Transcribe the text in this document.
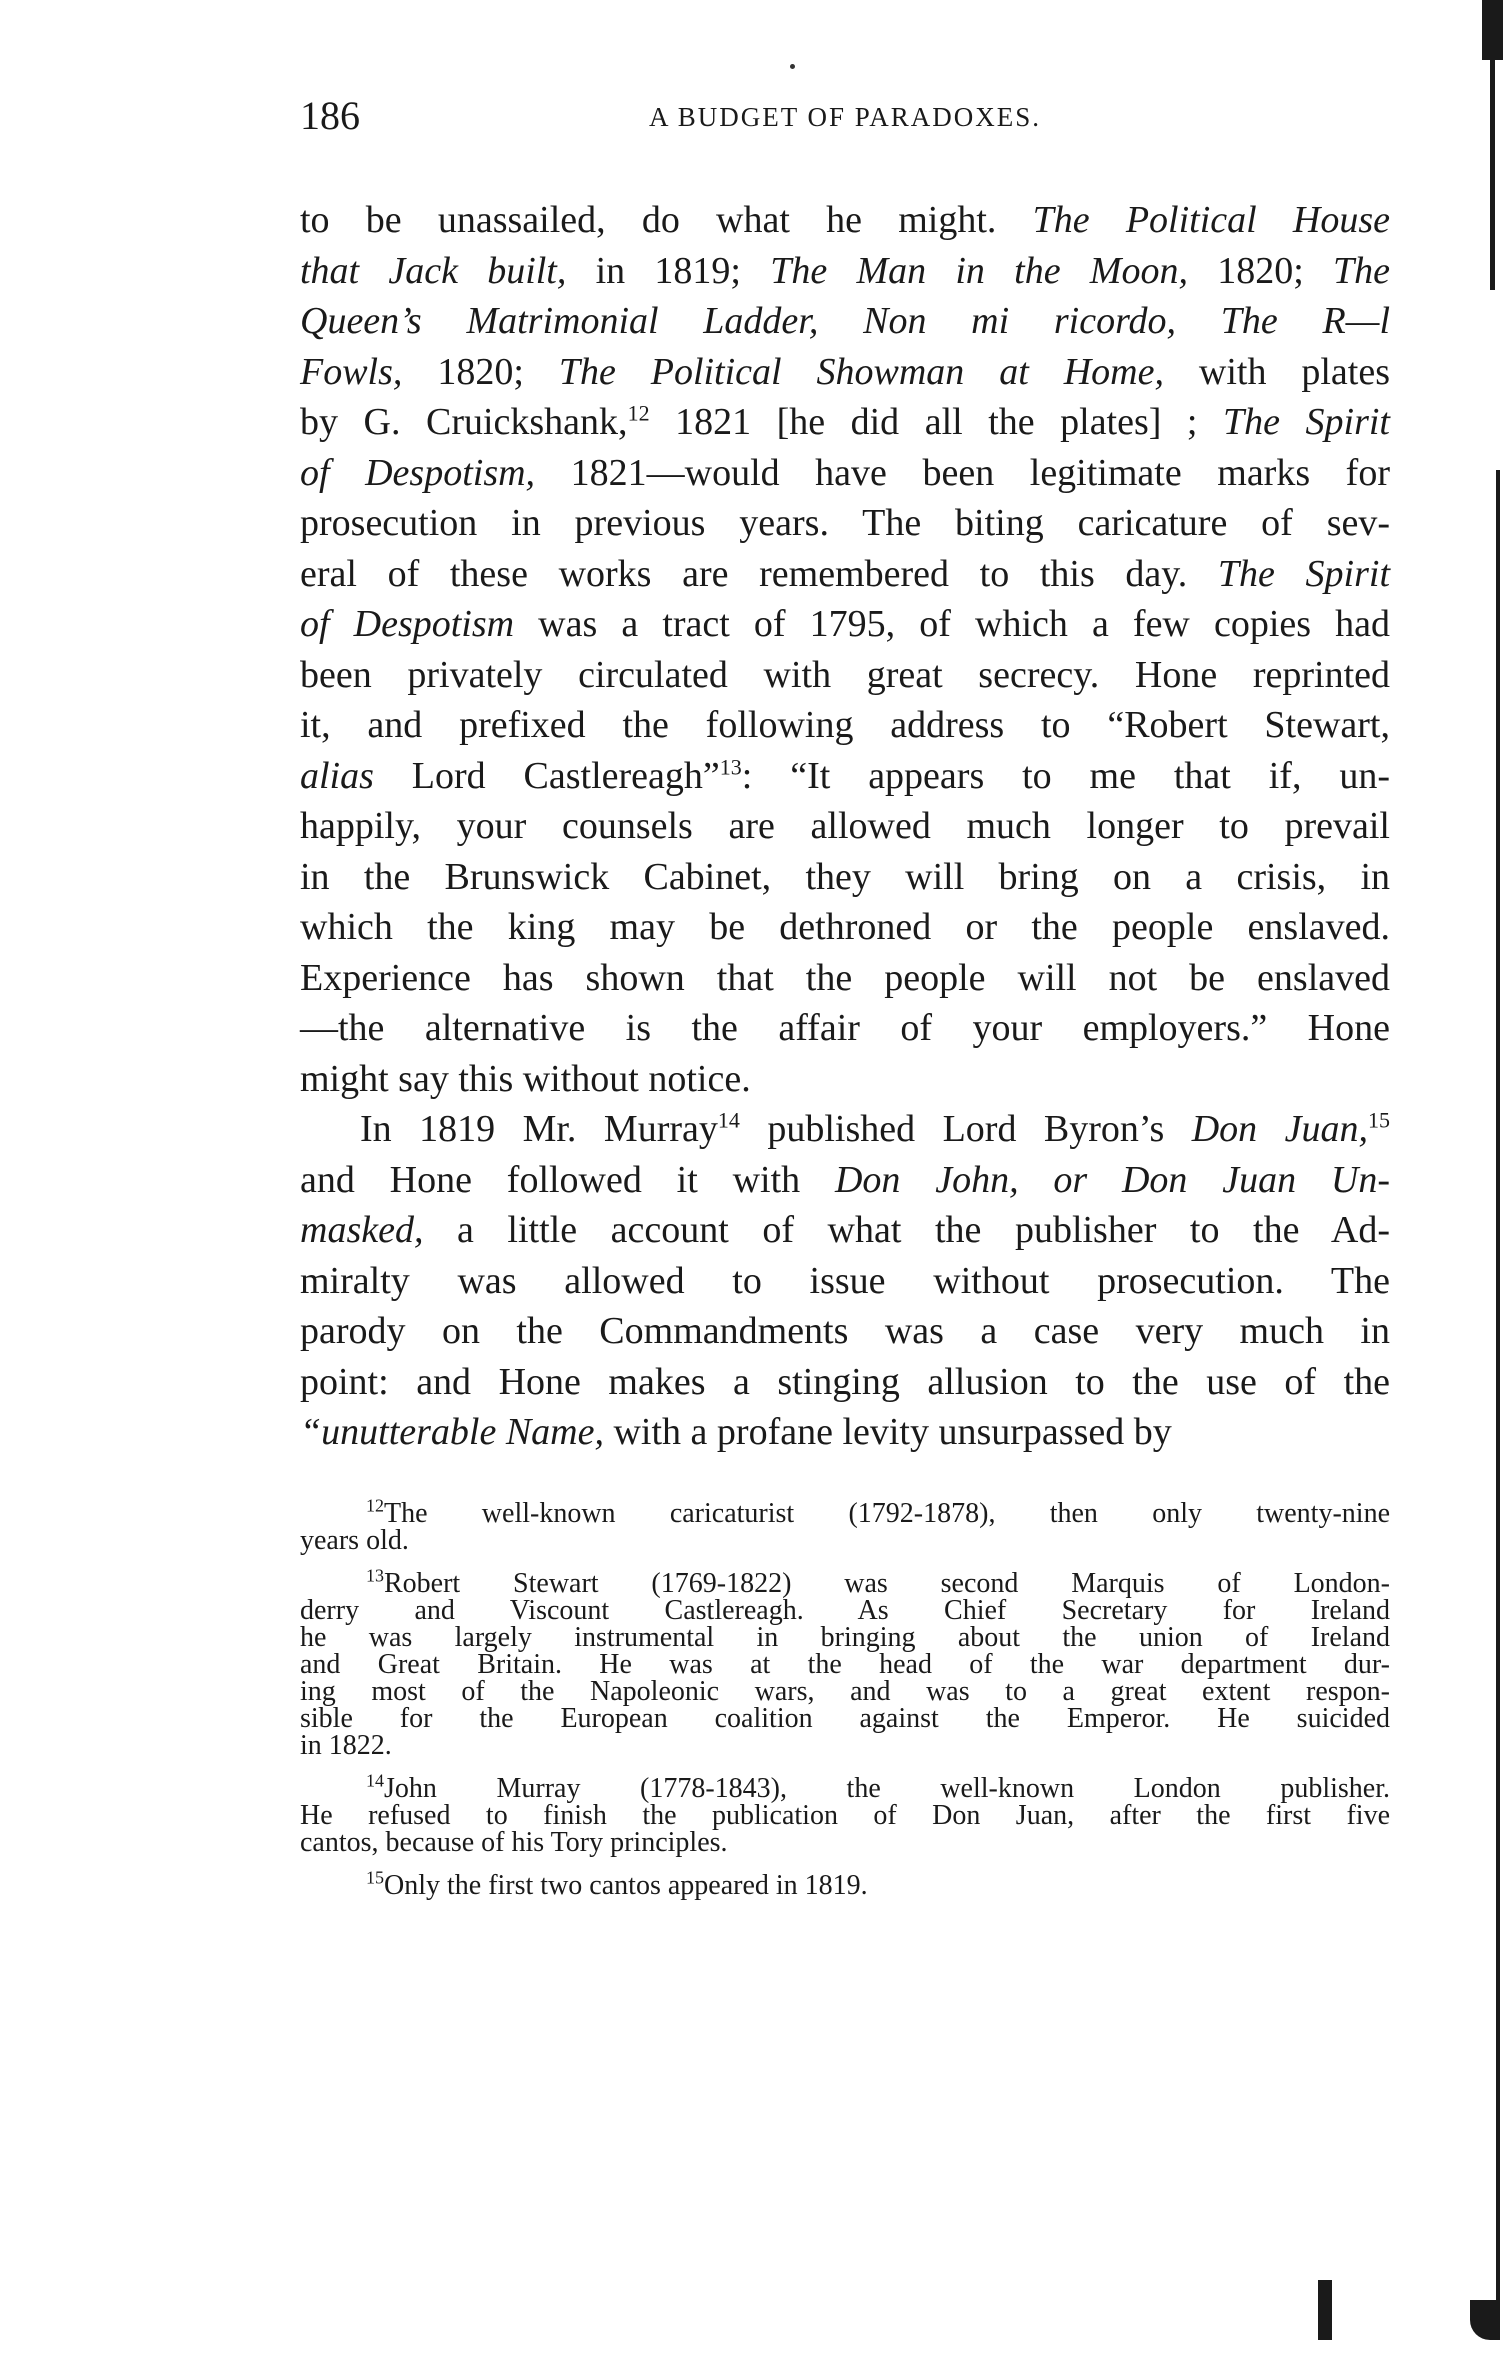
186	A BUDGET OF PARADOXES.
to be unassailed, do what he might. The Political House
that Jack built, in 1819; The Man in the Moon, 1820; The
Queen’s Matrimonial Ladder, Non mi ricordo, The R—l
Fowls, 1820; The Political Showman at Home, with plates
by G. Cruickshank,$^{12}$ 1821 [he did all the plates] ; The Spirit
of Despotism, 1821—would have been legitimate marks for
prosecution in previous years. The biting caricature of sev-
eral of these works are remembered to this day. The Spirit
of Despotism was a tract of 1795, of which a few copies had
been privately circulated with great secrecy. Hone reprinted
it, and prefixed the following address to “Robert Stewart,
alias Lord Castlereagh”$^{13}$: “It appears to me that if, un-
happily, your counsels are allowed much longer to prevail
in the Brunswick Cabinet, they will bring on a crisis, in
which the king may be dethroned or the people enslaved.
Experience has shown that the people will not be enslaved
—the alternative is the affair of your employers.” Hone
might say this without notice.
In 1819 Mr. Murray$^{14}$ published Lord Byron’s Don Juan,$^{15}$
and Hone followed it with Don John, or Don Juan Un-
masked, a little account of what the publisher to the Ad-
miralty was allowed to issue without prosecution. The
parody on the Commandments was a case very much in
point: and Hone makes a stinging allusion to the use of the
“unutterable Name, with a profane levity unsurpassed by
$^{12}$The well-known caricaturist (1792-1878), then only twenty-nine
years old.
$^{13}$Robert Stewart (1769-1822) was second Marquis of London-
derry and Viscount Castlereagh. As Chief Secretary for Ireland
he was largely instrumental in bringing about the union of Ireland
and Great Britain. He was at the head of the war department dur-
ing most of the Napoleonic wars, and was to a great extent respon-
sible for the European coalition against the Emperor. He suicided
in 1822.
$^{14}$John Murray (1778-1843), the well-known London publisher.
He refused to finish the publication of Don Juan, after the first five
cantos, because of his Tory principles.
$^{15}$Only the first two cantos appeared in 1819.
